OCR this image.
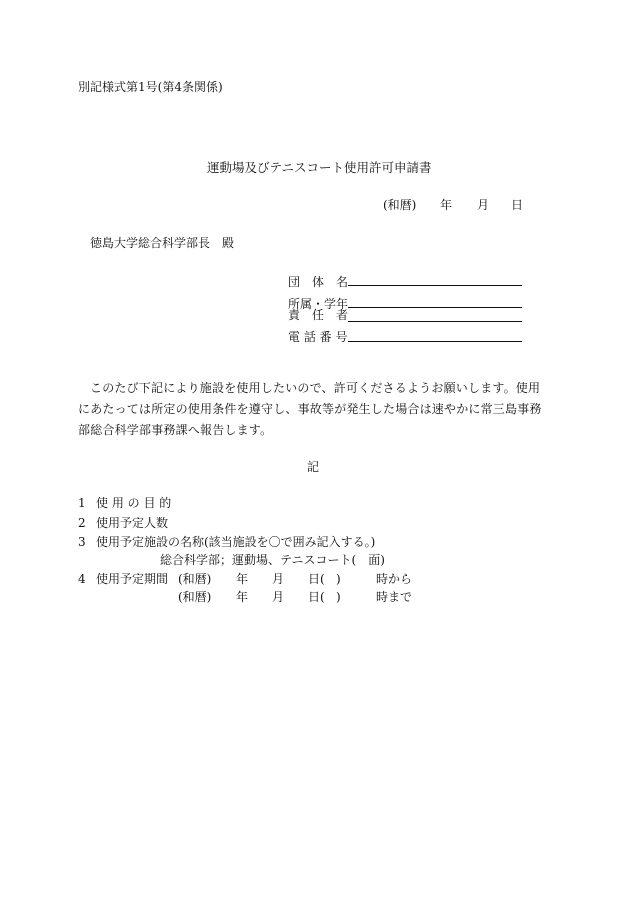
別記様式第1号(第4条関係)
運動場及びテニスコート使用許可申請書
(和暦) 年 月 日
徳島大学総合科学部長　殿
団　体　名
所属・学年
責　任　者
電 話 番 号
このたび下記により施設を使用したいので、許可くださるようお願いします。使用にあたっては所定の使用条件を遵守し、事故等が発生した場合は速やかに常三島事務部総合科学部事務課へ報告します。
記
1 使 用 の 目 的
2 使用予定人数
3 使用予定施設の名称(該当施設を〇で囲み記入する。)
総合科学部；運動場、テニスコート(　面)
4 使用予定期間 (和暦) 年 月 日( )	時から
(和暦) 年 月 日( )	時まで
